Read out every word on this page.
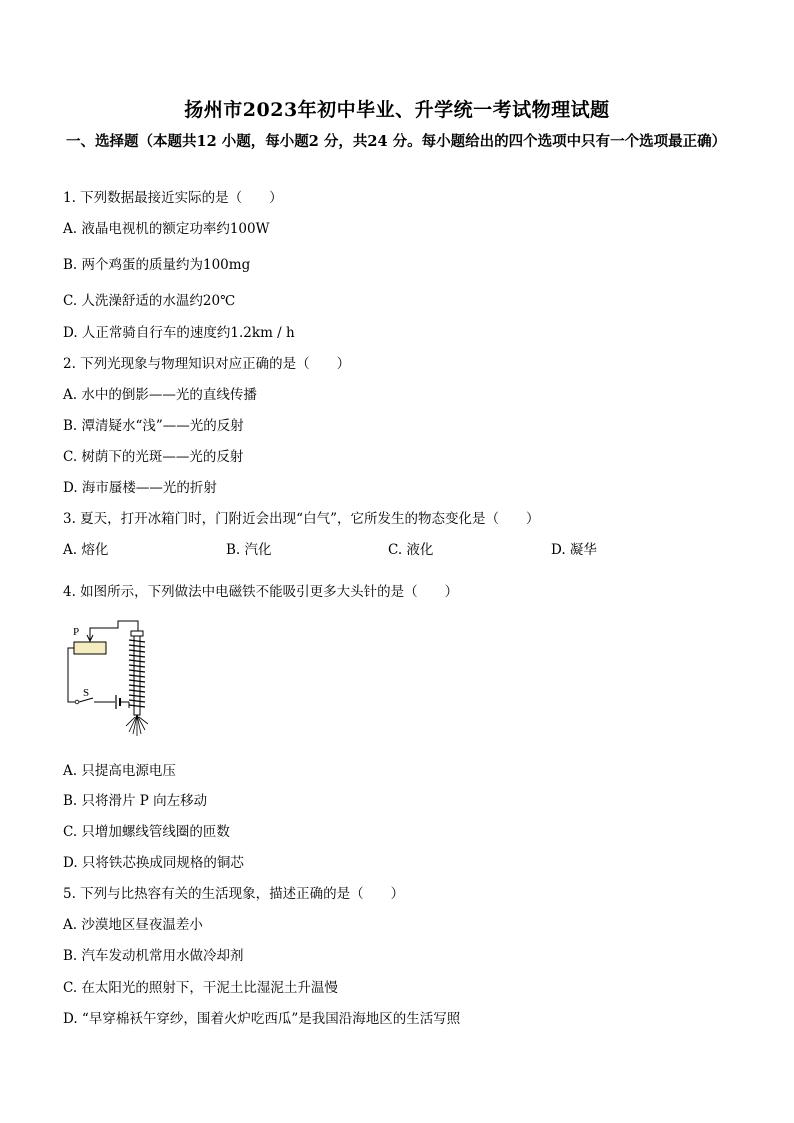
扬州市2023年初中毕业、升学统一考试物理试题
一、选择题（本题共12 小题，每小题2 分，共24 分。每小题给出的四个选项中只有一个选项最正确）
1. 下列数据最接近实际的是（　　）
A. 液晶电视机的额定功率约100W
B. 两个鸡蛋的质量约为100mg
C. 人洗澡舒适的水温约20℃
D. 人正常骑自行车的速度约1.2km / h
2. 下列光现象与物理知识对应正确的是（　　）
A. 水中的倒影——光的直线传播
B. 潭清疑水“浅”——光的反射
C. 树荫下的光斑——光的反射
D. 海市蜃楼——光的折射
3. 夏天，打开冰箱门时，门附近会出现“白气”，它所发生的物态变化是（　　）
A. 熔化	B. 汽化	C. 液化	D. 凝华
4. 如图所示，下列做法中电磁铁不能吸引更多大头针的是（　　）
P
S
A. 只提高电源电压
B. 只将滑片 P 向左移动
C. 只增加螺线管线圈的匝数
D. 只将铁芯换成同规格的铜芯
5. 下列与比热容有关的生活现象，描述正确的是（　　）
A. 沙漠地区昼夜温差小
B. 汽车发动机常用水做冷却剂
C. 在太阳光的照射下，干泥土比湿泥土升温慢
D. “早穿棉袄午穿纱，围着火炉吃西瓜”是我国沿海地区的生活写照
